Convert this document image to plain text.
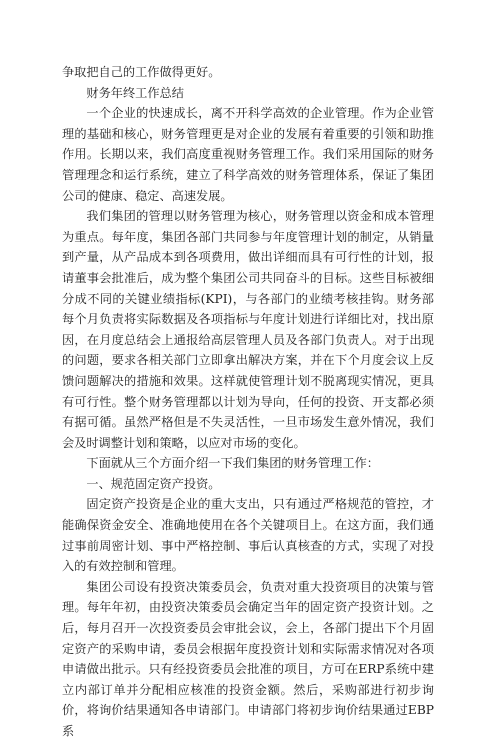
争取把自己的工作做得更好。

财务年终工作总结

一个企业的快速成长，离不开科学高效的企业管理。作为企业管理的基础和核心，财务管理更是对企业的发展有着重要的引领和助推作用。长期以来，我们高度重视财务管理工作。我们采用国际的财务管理理念和运行系统，建立了科学高效的财务管理体系，保证了集团公司的健康、稳定、高速发展。

我们集团的管理以财务管理为核心，财务管理以资金和成本管理为重点。每年度，集团各部门共同参与年度管理计划的制定，从销量到产量，从产品成本到各项费用，做出详细而具有可行性的计划，报请董事会批准后，成为整个集团公司共同奋斗的目标。这些目标被细分成不同的关键业绩指标(KPI)，与各部门的业绩考核挂钩。财务部每个月负责将实际数据及各项指标与年度计划进行详细比对，找出原因，在月度总结会上通报给高层管理人员及各部门负责人。对于出现的问题，要求各相关部门立即拿出解决方案，并在下个月度会议上反馈问题解决的措施和效果。这样就使管理计划不脱离现实情况，更具有可行性。整个财务管理都以计划为导向，任何的投资、开支都必须有据可循。虽然严格但是不失灵活性，一旦市场发生意外情况，我们会及时调整计划和策略，以应对市场的变化。

下面就从三个方面介绍一下我们集团的财务管理工作：

一、规范固定资产投资。

固定资产投资是企业的重大支出，只有通过严格规范的管控，才能确保资金安全、准确地使用在各个关键项目上。在这方面，我们通过事前周密计划、事中严格控制、事后认真核查的方式，实现了对投入的有效控制和管理。

集团公司设有投资决策委员会，负责对重大投资项目的决策与管理。每年年初，由投资决策委员会确定当年的固定资产投资计划。之后，每月召开一次投资委员会审批会议，会上，各部门提出下个月固定资产的采购申请，委员会根据年度投资计划和实际需求情况对各项申请做出批示。只有经投资委员会批准的项目，方可在ERP系统中建立内部订单并分配相应核准的投资金额。然后，采购部进行初步询价，将询价结果通知各申请部门。申请部门将初步询价结果通过EBP系
